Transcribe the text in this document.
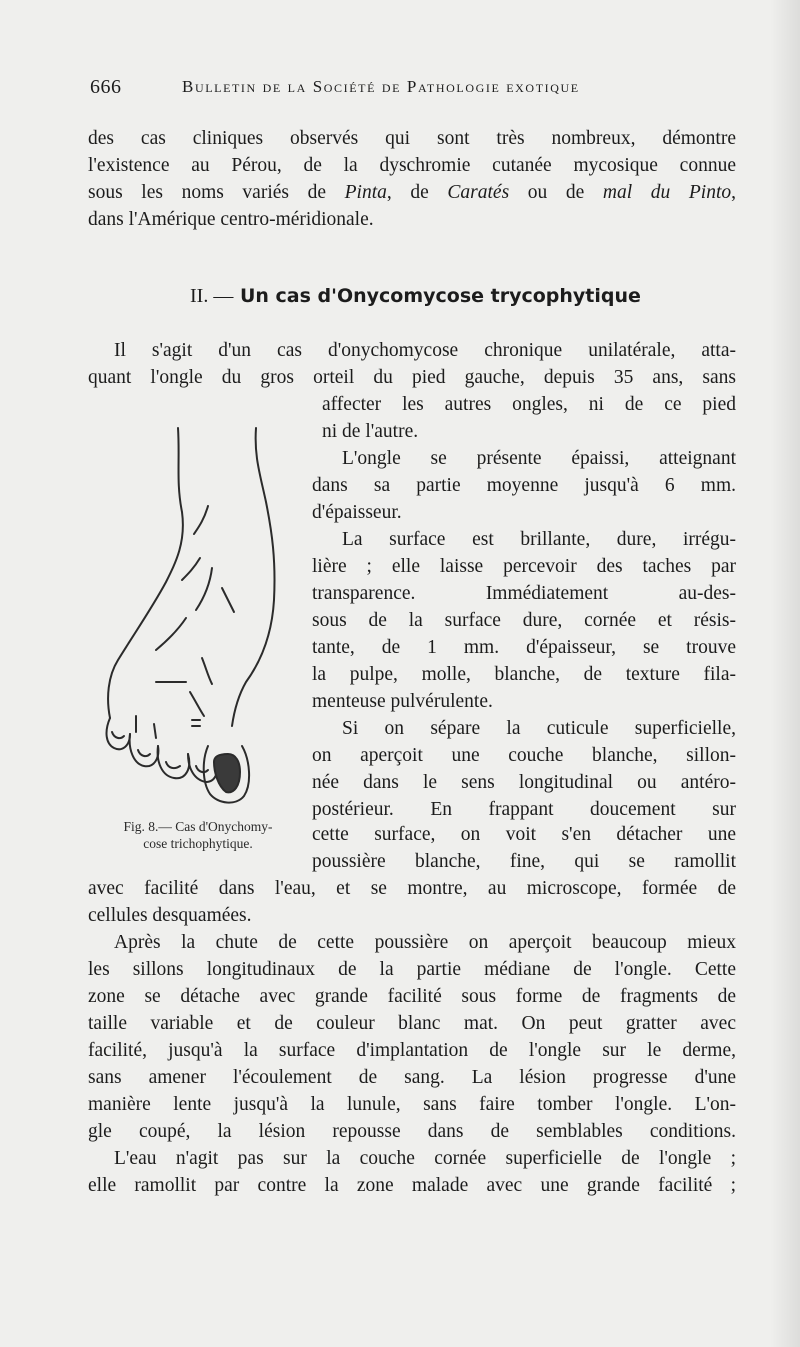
666	Bulletin de la Société de Pathologie exotique
des cas cliniques observés qui sont très nombreux, démontre
l'existence au Pérou, de la dyschromie cutanée mycosique connue
sous les noms variés de Pinta, de Caratés ou de mal du Pinto,
dans l'Amérique centro-méridionale.
II. — Un cas d'Onycomycose trycophytique
Il s'agit d'un cas d'onychomycose chronique unilatérale, atta-
quant l'ongle du gros orteil du pied gauche, depuis 35 ans, sans
affecter les autres ongles, ni de ce pied
ni de l'autre.
L'ongle se présente épaissi, atteignant
dans sa partie moyenne jusqu'à 6 mm.
d'épaisseur.
La surface est brillante, dure, irrégu-
lière ; elle laisse percevoir des taches par
transparence. Immédiatement au-des-
sous de la surface dure, cornée et résis-
tante, de 1 mm. d'épaisseur, se trouve
la pulpe, molle, blanche, de texture fila-
menteuse pulvérulente.
Si on sépare la cuticule superficielle,
on aperçoit une couche blanche, sillon-
née dans le sens longitudinal ou antéro-
postérieur. En frappant doucement sur
cette surface, on voit s'en détacher une
poussière blanche, fine, qui se ramollit
avec facilité dans l'eau, et se montre, au microscope, formée de
cellules desquamées.
Après la chute de cette poussière on aperçoit beaucoup mieux
les sillons longitudinaux de la partie médiane de l'ongle. Cette
zone se détache avec grande facilité sous forme de fragments de
taille variable et de couleur blanc mat. On peut gratter avec
facilité, jusqu'à la surface d'implantation de l'ongle sur le derme,
sans amener l'écoulement de sang. La lésion progresse d'une
manière lente jusqu'à la lunule, sans faire tomber l'ongle. L'on-
gle coupé, la lésion repousse dans de semblables conditions.
L'eau n'agit pas sur la couche cornée superficielle de l'ongle ;
elle ramollit par contre la zone malade avec une grande facilité ;
Fig. 8.— Cas d'Onychomy-
cose trichophytique.
